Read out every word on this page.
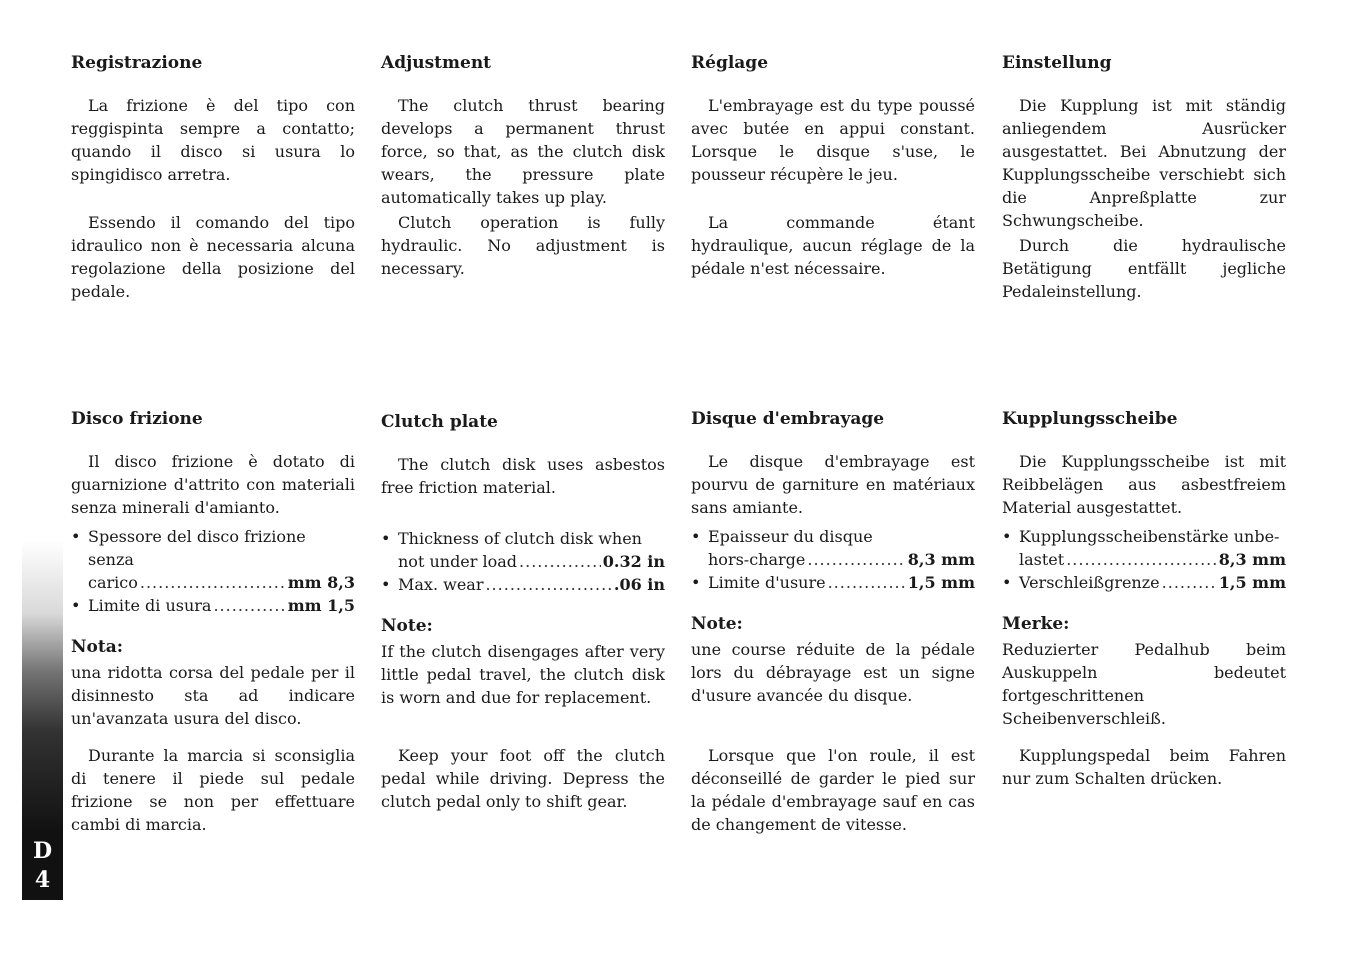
Registrazione

La frizione è del tipo con reggispinta sempre a contatto; quando il disco si usura lo spingidisco arretra.

Essendo il comando del tipo idraulico non è necessaria alcuna regolazione della posizione del pedale.

Disco frizione

Il disco frizione è dotato di guarnizione d'attrito con materiali senza minerali d'amianto.

• Spessore del disco frizione senza
carico .....	mm 8,3
• Limite di usura .....	mm 1,5
Nota:

una ridotta corsa del pedale per il disinnesto sta ad indicare un'avanzata usura del disco.

Durante la marcia si sconsiglia di tenere il piede sul pedale frizione se non per effettuare cambi di marcia.

Adjustment

The clutch thrust bearing develops a permanent thrust force, so that, as the clutch disk wears, the pressure plate automatically takes up play.

Clutch operation is fully hydraulic. No adjustment is necessary.

Clutch plate

The clutch disk uses asbestos free friction material.

• Thickness of clutch disk when
not under load .....	0.32 in
• Max. wear .....	.06 in
Note:

If the clutch disengages after very little pedal travel, the clutch disk is worn and due for replacement.

Keep your foot off the clutch pedal while driving. Depress the clutch pedal only to shift gear.

Réglage

L'embrayage est du type poussé avec butée en appui constant. Lorsque le disque s'use, le pousseur récupère le jeu.

La commande étant hydraulique, aucun réglage de la pédale n'est nécessaire.

Disque d'embrayage

Le disque d'embrayage est pourvu de garniture en matériaux sans amiante.

• Epaisseur du disque
hors-charge .....	8,3 mm
• Limite d'usure .....	1,5 mm
Note:

une course réduite de la pédale lors du débrayage est un signe d'usure avancée du disque.

Lorsque que l'on roule, il est déconseillé de garder le pied sur la pédale d'embrayage sauf en cas de changement de vitesse.

Einstellung

Die Kupplung ist mit ständig anliegendem Ausrücker ausgestattet. Bei Abnutzung der Kupplungsscheibe verschiebt sich die Anpreßplatte zur Schwungscheibe.

Durch die hydraulische Betätigung entfällt jegliche Pedaleinstellung.

Kupplungsscheibe

Die Kupplungsscheibe ist mit Reibbelägen aus asbestfreiem Material ausgestattet.

• Kupplungsscheibenstärke unbe-
lastet .....	8,3 mm
• Verschleißgrenze .....	1,5 mm
Merke:

Reduzierter Pedalhub beim Auskuppeln bedeutet fortgeschrittenen Scheibenverschleiß.

Kupplungspedal beim Fahren nur zum Schalten drücken.

D
4
